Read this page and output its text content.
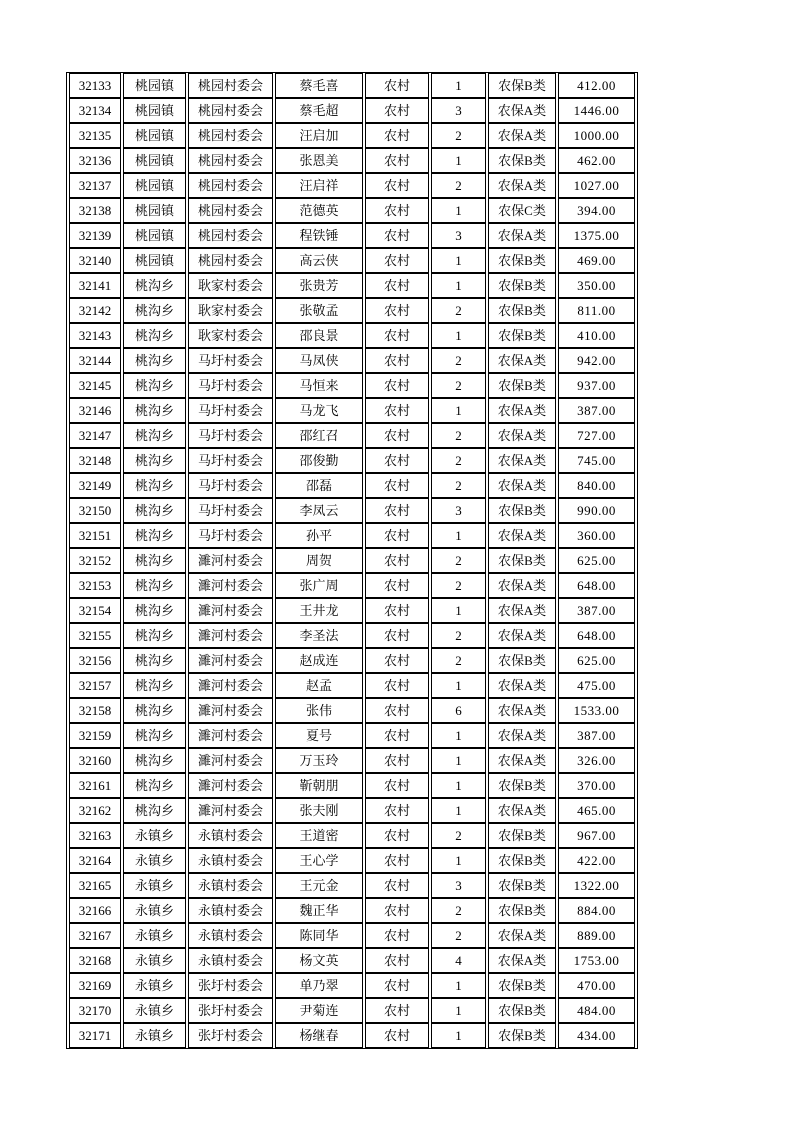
32133	桃园镇	桃园村委会	蔡毛喜	农村	1	农保B类	412.00
32134	桃园镇	桃园村委会	蔡毛超	农村	3	农保A类	1446.00
32135	桃园镇	桃园村委会	汪启加	农村	2	农保A类	1000.00
32136	桃园镇	桃园村委会	张恩美	农村	1	农保B类	462.00
32137	桃园镇	桃园村委会	汪启祥	农村	2	农保A类	1027.00
32138	桃园镇	桃园村委会	范德英	农村	1	农保C类	394.00
32139	桃园镇	桃园村委会	程铁锤	农村	3	农保A类	1375.00
32140	桃园镇	桃园村委会	高云侠	农村	1	农保B类	469.00
32141	桃沟乡	耿家村委会	张贵芳	农村	1	农保B类	350.00
32142	桃沟乡	耿家村委会	张敬孟	农村	2	农保B类	811.00
32143	桃沟乡	耿家村委会	邵良景	农村	1	农保B类	410.00
32144	桃沟乡	马圩村委会	马凤侠	农村	2	农保A类	942.00
32145	桃沟乡	马圩村委会	马恒来	农村	2	农保B类	937.00
32146	桃沟乡	马圩村委会	马龙飞	农村	1	农保A类	387.00
32147	桃沟乡	马圩村委会	邵红召	农村	2	农保A类	727.00
32148	桃沟乡	马圩村委会	邵俊勤	农村	2	农保A类	745.00
32149	桃沟乡	马圩村委会	邵磊	农村	2	农保A类	840.00
32150	桃沟乡	马圩村委会	李凤云	农村	3	农保B类	990.00
32151	桃沟乡	马圩村委会	孙平	农村	1	农保A类	360.00
32152	桃沟乡	濉河村委会	周贺	农村	2	农保B类	625.00
32153	桃沟乡	濉河村委会	张广周	农村	2	农保A类	648.00
32154	桃沟乡	濉河村委会	王井龙	农村	1	农保A类	387.00
32155	桃沟乡	濉河村委会	李圣法	农村	2	农保A类	648.00
32156	桃沟乡	濉河村委会	赵成连	农村	2	农保B类	625.00
32157	桃沟乡	濉河村委会	赵孟	农村	1	农保A类	475.00
32158	桃沟乡	濉河村委会	张伟	农村	6	农保A类	1533.00
32159	桃沟乡	濉河村委会	夏号	农村	1	农保A类	387.00
32160	桃沟乡	濉河村委会	万玉玲	农村	1	农保A类	326.00
32161	桃沟乡	濉河村委会	靳朝朋	农村	1	农保B类	370.00
32162	桃沟乡	濉河村委会	张夫刚	农村	1	农保A类	465.00
32163	永镇乡	永镇村委会	王道密	农村	2	农保B类	967.00
32164	永镇乡	永镇村委会	王心学	农村	1	农保B类	422.00
32165	永镇乡	永镇村委会	王元金	农村	3	农保B类	1322.00
32166	永镇乡	永镇村委会	魏正华	农村	2	农保B类	884.00
32167	永镇乡	永镇村委会	陈同华	农村	2	农保A类	889.00
32168	永镇乡	永镇村委会	杨文英	农村	4	农保A类	1753.00
32169	永镇乡	张圩村委会	单乃翠	农村	1	农保B类	470.00
32170	永镇乡	张圩村委会	尹菊连	农村	1	农保B类	484.00
32171	永镇乡	张圩村委会	杨继春	农村	1	农保B类	434.00
